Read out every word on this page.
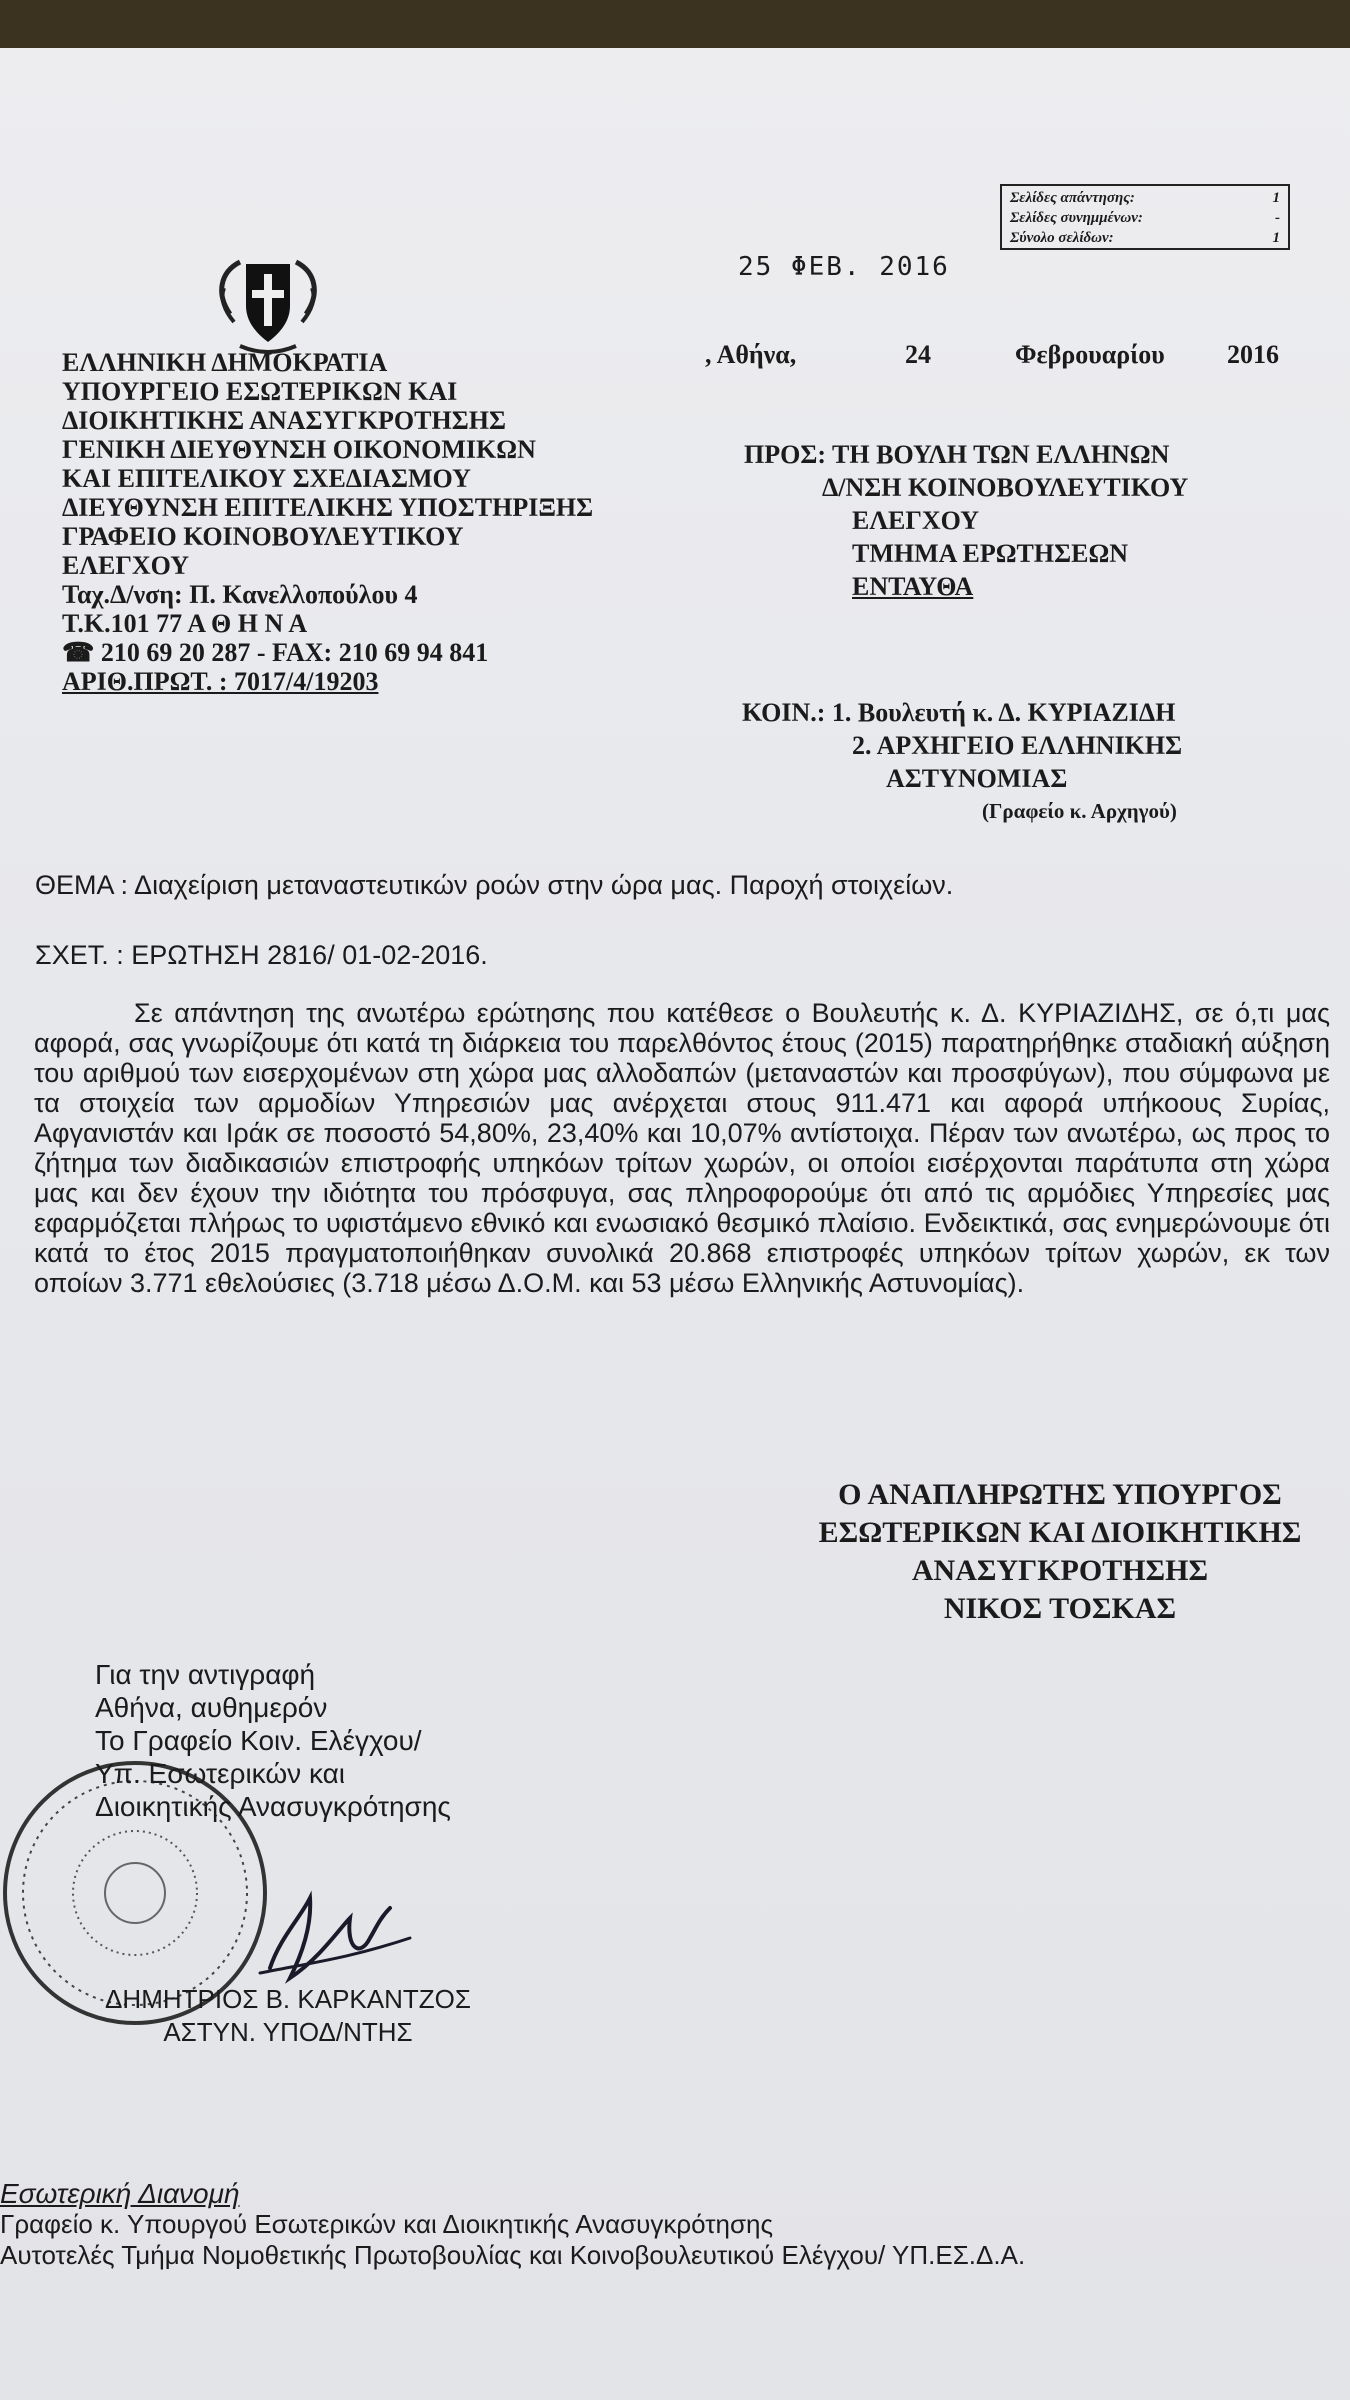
Σελίδες απάντησης:	1
Σελίδες συνημμένων:	-
Σύνολο σελίδων:	1
25 ΦΕΒ. 2016
ΕΛΛΗΝΙΚΗ ΔΗΜΟΚΡΑΤΙΑ
ΥΠΟΥΡΓΕΙΟ ΕΣΩΤΕΡΙΚΩΝ ΚΑΙ
ΔΙΟΙΚΗΤΙΚΗΣ ΑΝΑΣΥΓΚΡΟΤΗΣΗΣ
ΓΕΝΙΚΗ ΔΙΕΥΘΥΝΣΗ ΟΙΚΟΝΟΜΙΚΩΝ
ΚΑΙ ΕΠΙΤΕΛΙΚΟΥ ΣΧΕΔΙΑΣΜΟΥ
ΔΙΕΥΘΥΝΣΗ ΕΠΙΤΕΛΙΚΗΣ ΥΠΟΣΤΗΡΙΞΗΣ
ΓΡΑΦΕΙΟ ΚΟΙΝΟΒΟΥΛΕΥΤΙΚΟΥ
ΕΛΕΓΧΟΥ
Ταχ.Δ/νση: Π. Κανελλοπούλου 4
Τ.Κ.101 77 Α Θ Η Ν Α
☎ 210 69 20 287 - FAX: 210 69 94 841
ΑΡΙΘ.ΠΡΩΤ. : 7017/4/19203
, Αθήνα,	24	Φεβρουαρίου 2016
ΠΡΟΣ: ΤΗ ΒΟΥΛΗ ΤΩΝ ΕΛΛΗΝΩΝ
Δ/ΝΣΗ ΚΟΙΝΟΒΟΥΛΕΥΤΙΚΟΥ
ΕΛΕΓΧΟΥ
ΤΜΗΜΑ ΕΡΩΤΗΣΕΩΝ
ΕΝΤΑΥΘΑ
ΚΟΙΝ.: 1. Βουλευτή κ. Δ. ΚΥΡΙΑΖΙΔΗ
2. ΑΡΧΗΓΕΙΟ ΕΛΛΗΝΙΚΗΣ
ΑΣΤΥΝΟΜΙΑΣ
(Γραφείο κ. Αρχηγού)
ΘΕΜΑ : Διαχείριση μεταναστευτικών ροών στην ώρα μας. Παροχή στοιχείων.
ΣΧΕΤ. : ΕΡΩΤΗΣΗ 2816/ 01-02-2016.
Σε απάντηση της ανωτέρω ερώτησης που κατέθεσε ο Βουλευτής κ. Δ. ΚΥΡΙΑΖΙΔΗΣ, σε ό,τι μας αφορά, σας γνωρίζουμε ότι κατά τη διάρκεια του παρελθόντος έτους (2015) παρατηρήθηκε σταδιακή αύξηση του αριθμού των εισερχομένων στη χώρα μας αλλοδαπών (μεταναστών και προσφύγων), που σύμφωνα με τα στοιχεία των αρμοδίων Υπηρεσιών μας ανέρχεται στους 911.471 και αφορά υπήκοους Συρίας, Αφγανιστάν και Ιράκ σε ποσοστό 54,80%, 23,40% και 10,07% αντίστοιχα. Πέραν των ανωτέρω, ως προς το ζήτημα των διαδικασιών επιστροφής υπηκόων τρίτων χωρών, οι οποίοι εισέρχονται παράτυπα στη χώρα μας και δεν έχουν την ιδιότητα του πρόσφυγα, σας πληροφορούμε ότι από τις αρμόδιες Υπηρεσίες μας εφαρμόζεται πλήρως το υφιστάμενο εθνικό και ενωσιακό θεσμικό πλαίσιο. Ενδεικτικά, σας ενημερώνουμε ότι κατά το έτος 2015 πραγματοποιήθηκαν συνολικά 20.868 επιστροφές υπηκόων τρίτων χωρών, εκ των οποίων 3.771 εθελούσιες (3.718 μέσω Δ.Ο.Μ. και 53 μέσω Ελληνικής Αστυνομίας).
Ο ΑΝΑΠΛΗΡΩΤΗΣ ΥΠΟΥΡΓΟΣ
ΕΣΩΤΕΡΙΚΩΝ ΚΑΙ ΔΙΟΙΚΗΤΙΚΗΣ
ΑΝΑΣΥΓΚΡΟΤΗΣΗΣ
ΝΙΚΟΣ ΤΟΣΚΑΣ
Για την αντιγραφή
Αθήνα, αυθημερόν
Το Γραφείο Κοιν. Ελέγχου/
Υπ. Εσωτερικών και
Διοικητικής Ανασυγκρότησης
ΔΗΜΗΤΡΙΟΣ Β. ΚΑΡΚΑΝΤΖΟΣ
ΑΣΤΥΝ. ΥΠΟΔ/ΝΤΗΣ
Εσωτερική Διανομή
Γραφείο κ. Υπουργού Εσωτερικών και Διοικητικής Ανασυγκρότησης
Αυτοτελές Τμήμα Νομοθετικής Πρωτοβουλίας και Κοινοβουλευτικού Ελέγχου/ ΥΠ.ΕΣ.Δ.Α.
